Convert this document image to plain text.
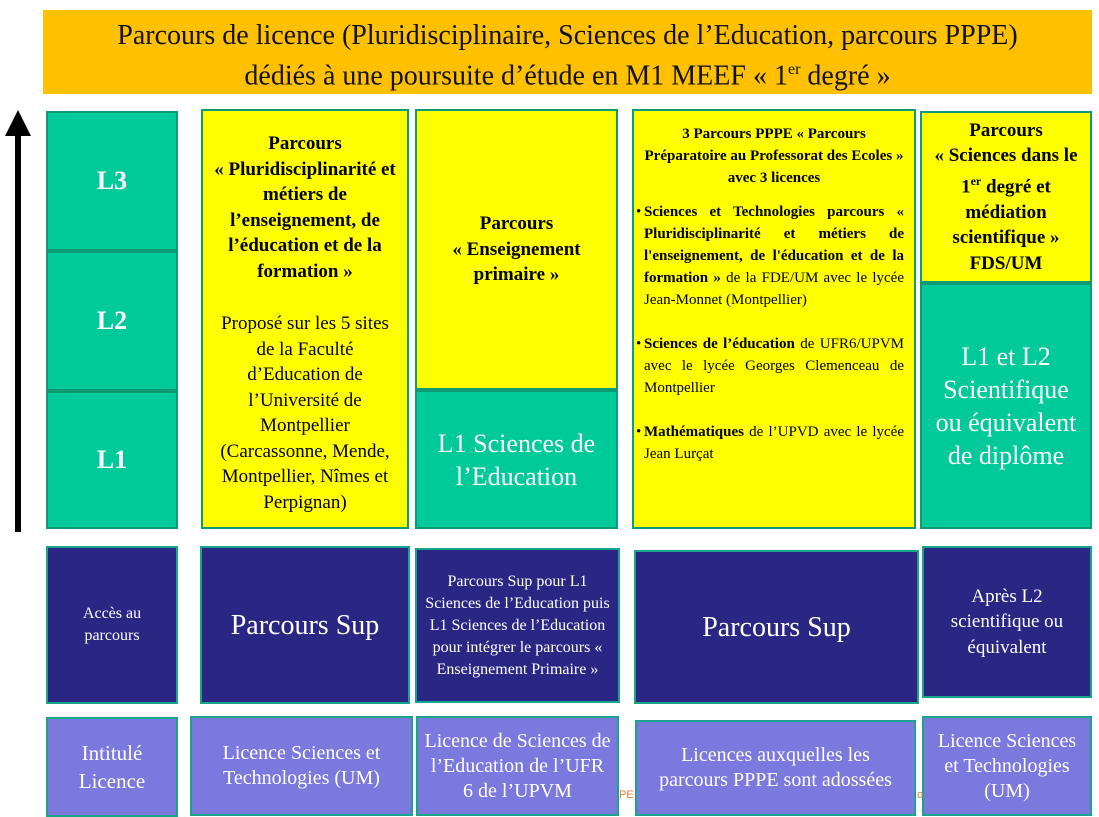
Parcours de licence (Pluridisciplinaire, Sciences de l’Education, parcours PPPE)
dédiés à une poursuite d’étude en M1 MEEF « 1er degré »
L3
L2
L1
Parcours
« Pluridisciplinarité et métiers de l’enseignement, de l’éducation et de la formation »
Proposé sur les 5 sites de la Faculté d’Education de l’Université de Montpellier (Carcassonne, Mende, Montpellier, Nîmes et Perpignan)
Parcours
« Enseignement primaire »
L1 Sciences de l’Education
3 Parcours PPPE « Parcours Préparatoire au Professorat des Ecoles » avec 3 licences
• Sciences et Technologies parcours « Pluridisciplinarité et métiers de l'enseignement, de l'éducation et de la formation » de la FDE/UM avec le lycée Jean-Monnet (Montpellier)
• Sciences de l’éducation de UFR6/UPVM avec le lycée Georges Clemenceau de Montpellier
• Mathématiques de l’UPVD avec le lycée Jean Lurçat
Parcours
« Sciences dans le 1er degré et médiation scientifique »
FDS/UM
L1 et L2 Scientifique ou équivalent de diplôme
Accès au parcours	Parcours Sup
Parcours Sup pour L1 Sciences de l’Education puis L1 Sciences de l’Education pour intégrer le parcours « Enseignement Primaire »
Parcours Sup
Après L2 scientifique ou équivalent
Intitulé Licence
Licence Sciences et Technologies (UM)
Licence de Sciences de l’Education de l’UFR 6 de l’UPVM
Licences auxquelles les parcours PPPE sont adossées
Licence Sciences et Technologies (UM)
PE	o
